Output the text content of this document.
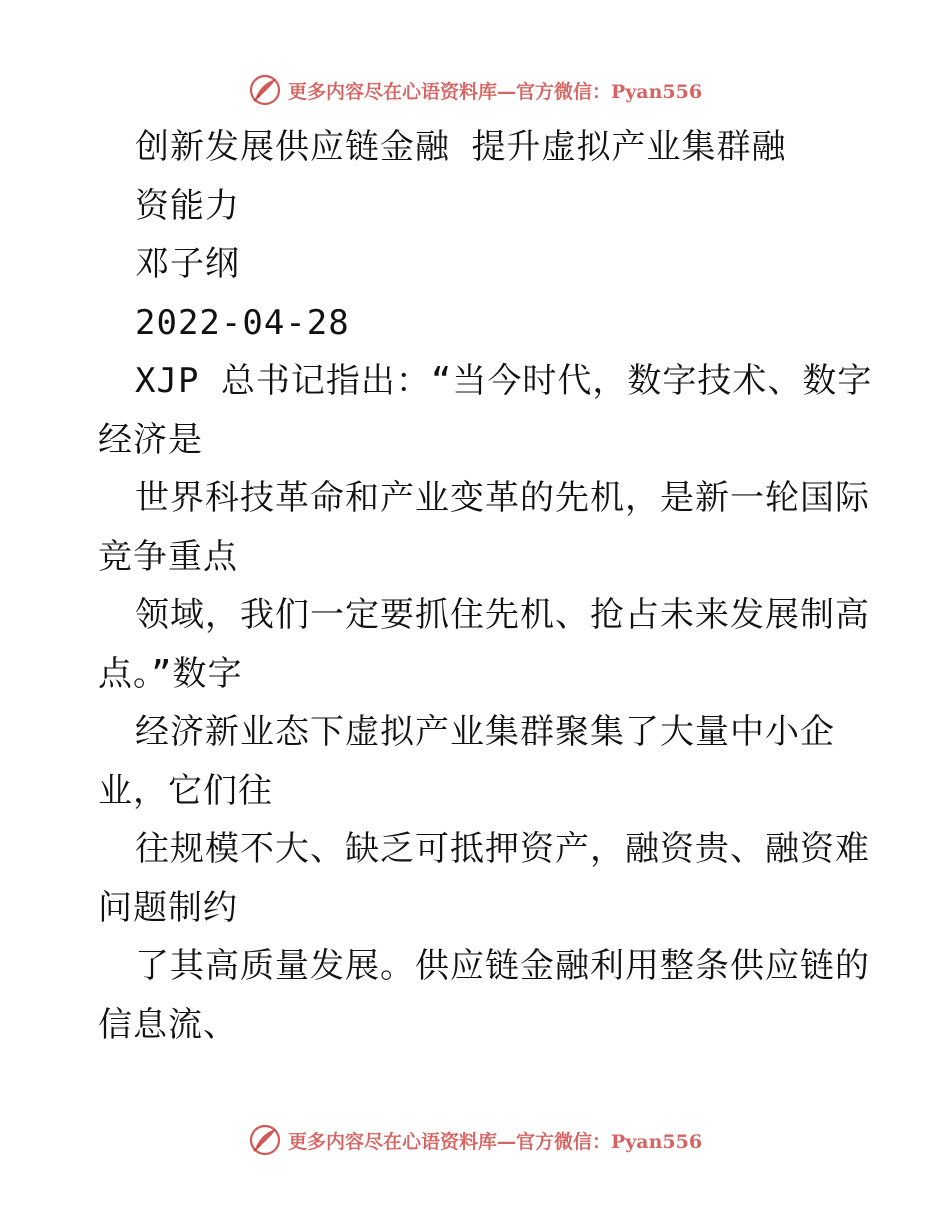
更多内容尽在心语资料库—官方微信：Pyan556
创新发展供应链金融 提升虚拟产业集群融
资能力
邓子纲
2022-04-28
XJP 总书记指出：“当今时代，数字技术、数字
经济是
世界科技革命和产业变革的先机，是新一轮国际
竞争重点
领域，我们一定要抓住先机、抢占未来发展制高
点。”数字
经济新业态下虚拟产业集群聚集了大量中小企
业，它们往
往规模不大、缺乏可抵押资产，融资贵、融资难
问题制约
了其高质量发展。供应链金融利用整条供应链的
信息流、
更多内容尽在心语资料库—官方微信：Pyan556
